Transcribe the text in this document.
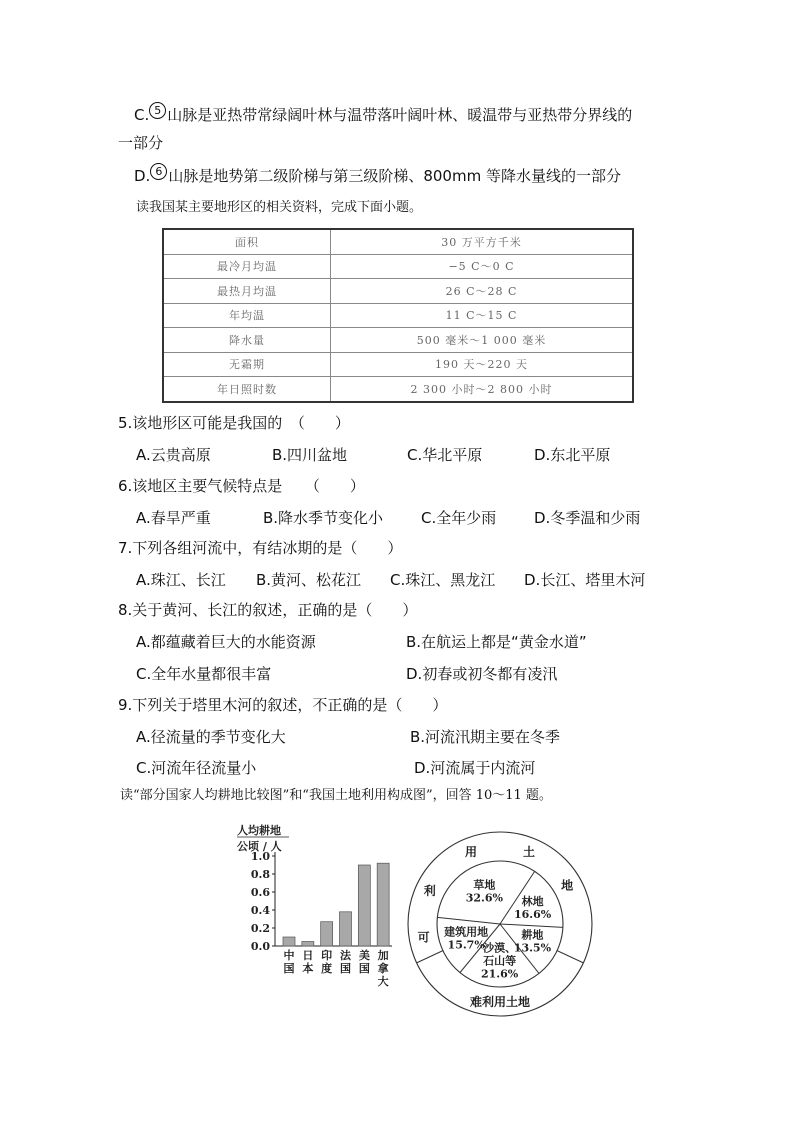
C. 5 山脉是亚热带常绿阔叶林与温带落叶阔叶林、暖温带与亚热带分界线的
一部分
D. 6 山脉是地势第二级阶梯与第三级阶梯、800mm 等降水量线的一部分
读我国某主要地形区的相关资料，完成下面小题。
面积	30 万平方千米
最冷月均温	−5 C～0 C
最热月均温	26 C～28 C
年均温	11 C～15 C
降水量	500 毫米～1 000 毫米
无霜期	190 天～220 天
年日照时数	2 300 小时～2 800 小时
5.该地形区可能是我国的　（　　）
A.云贵高原	B.四川盆地	C.华北平原	D.东北平原
6.该地区主要气候特点是　　（　　）
A.春旱严重	B.降水季节变化小	C.全年少雨	D.冬季温和少雨
7.下列各组河流中，有结冰期的是（　　）
A.珠江、长江 B.黄河、松花江 C.珠江、黑龙江 D.长江、塔里木河
8.关于黄河、长江的叙述，正确的是（　　）
A.都蕴藏着巨大的水能资源	B.在航运上都是“黄金水道”
C.全年水量都很丰富	D.初春或初冬都有凌汛
9.下列关于塔里木河的叙述，不正确的是（　　）
A.径流量的季节变化大	B.河流汛期主要在冬季
C.河流年径流量小	D.河流属于内流河
读“部分国家人均耕地比较图”和“我国土地利用构成图”，回答 10～11 题。
人均耕地
公顷 / 人
0.0
0.2
0.4
0.6
0.8
1.0
中
国
日
本
印
度
法
国
美
国
加
拿
大
草地
32.6% 林地
16.6%
耕地
13.5%
沙漠、
石山等
21.6%
建筑用地
15.7%
可
利
用	土
地
难利用土地
